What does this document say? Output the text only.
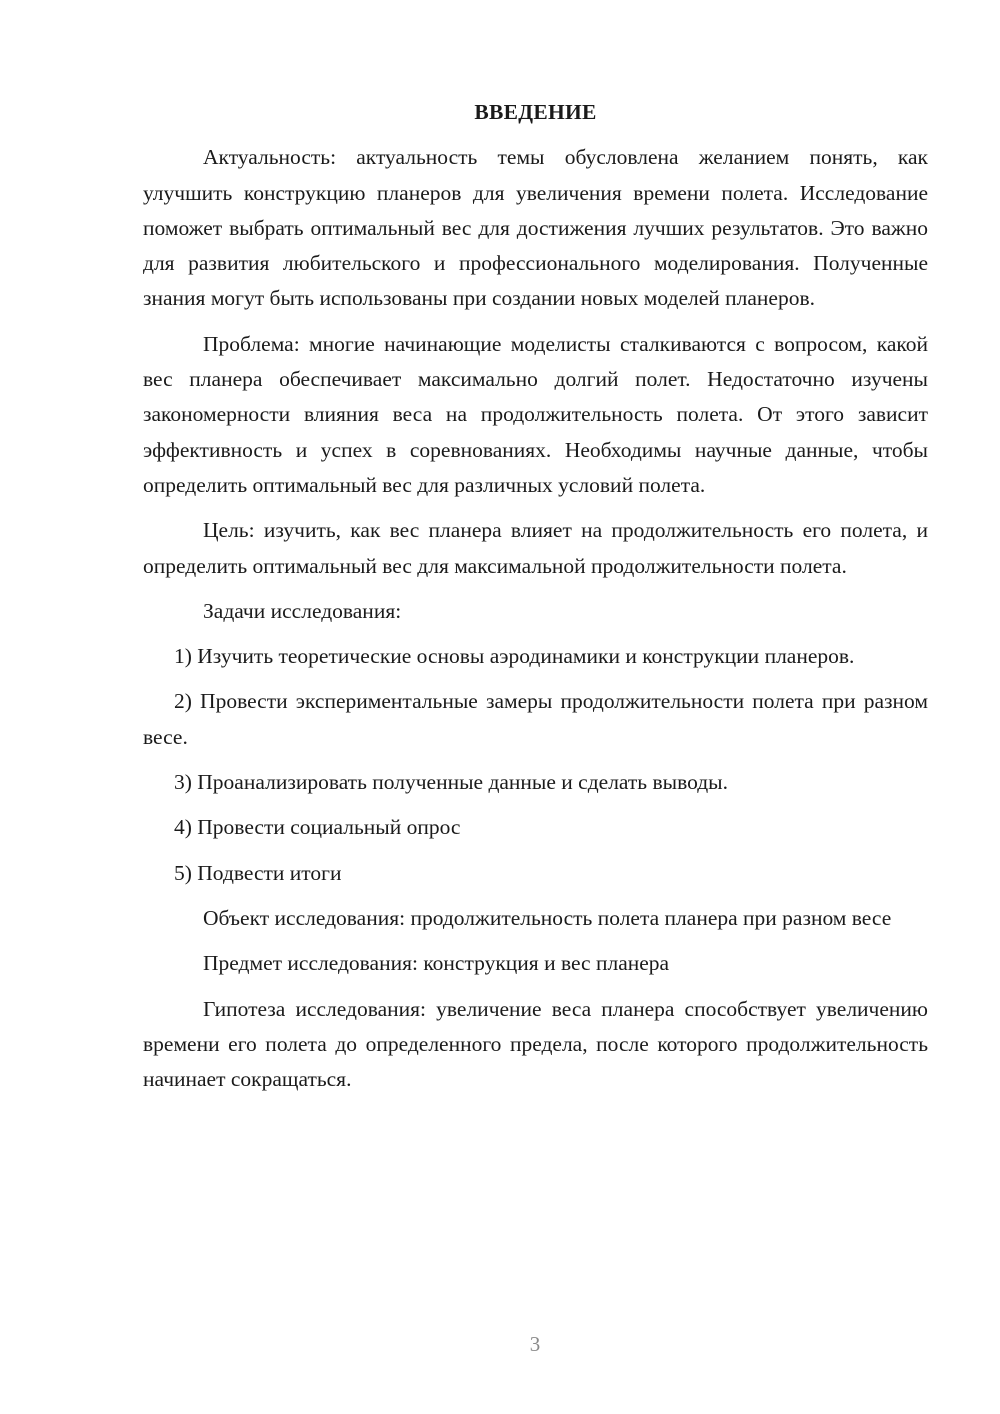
ВВЕДЕНИЕ

Актуальность: актуальность темы обусловлена желанием понять, как улучшить конструкцию планеров для увеличения времени полета. Исследование поможет выбрать оптимальный вес для достижения лучших результатов. Это важно для развития любительского и профессионального моделирования. Полученные знания могут быть использованы при создании новых моделей планеров.

Проблема: многие начинающие моделисты сталкиваются с вопросом, какой вес планера обеспечивает максимально долгий полет. Недостаточно изучены закономерности влияния веса на продолжительность полета. От этого зависит эффективность и успех в соревнованиях. Необходимы научные данные, чтобы определить оптимальный вес для различных условий полета.

Цель: изучить, как вес планера влияет на продолжительность его полета, и определить оптимальный вес для максимальной продолжительности полета.

Задачи исследования:

1) Изучить теоретические основы аэродинамики и конструкции планеров.

2) Провести экспериментальные замеры продолжительности полета при разном весе.

3) Проанализировать полученные данные и сделать выводы.

4) Провести социальный опрос

5) Подвести итоги

Объект исследования: продолжительность полета планера при разном весе

Предмет исследования: конструкция и вес планера

Гипотеза исследования: увеличение веса планера способствует увеличению времени его полета до определенного предела, после которого продолжительность начинает сокращаться.

3
